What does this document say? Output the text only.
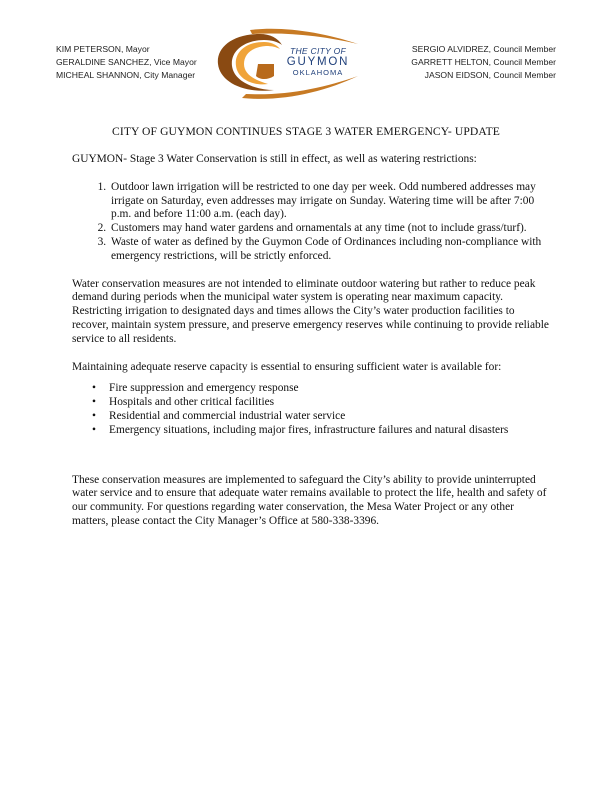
KIM PETERSON, Mayor
GERALDINE SANCHEZ, Vice Mayor
MICHEAL SHANNON, City Manager
THE CITY OF
GUYMON
OKLAHOMA
SERGIO ALVIDREZ, Council Member
GARRETT HELTON, Council Member
JASON EIDSON, Council Member
CITY OF GUYMON CONTINUES STAGE 3 WATER EMERGENCY- UPDATE

GUYMON- Stage 3 Water Conservation is still in effect, as well as watering restrictions:

1. Outdoor lawn irrigation will be restricted to one day per week. Odd numbered addresses may irrigate on Saturday, even addresses may irrigate on Sunday. Watering time will be after 7:00 p.m. and before 11:00 a.m. (each day).
2. Customers may hand water gardens and ornamentals at any time (not to include grass/turf).
3. Waste of water as defined by the Guymon Code of Ordinances including non-compliance with emergency restrictions, will be strictly enforced.

Water conservation measures are not intended to eliminate outdoor watering but rather to reduce peak demand during periods when the municipal water system is operating near maximum capacity. Restricting irrigation to designated days and times allows the City’s water production facilities to recover, maintain system pressure, and preserve emergency reserves while continuing to provide reliable service to all residents.

Maintaining adequate reserve capacity is essential to ensuring sufficient water is available for:

• Fire suppression and emergency response
• Hospitals and other critical facilities
• Residential and commercial industrial water service
• Emergency situations, including major fires, infrastructure failures and natural disasters

These conservation measures are implemented to safeguard the City’s ability to provide uninterrupted water service and to ensure that adequate water remains available to protect the life, health and safety of our community. For questions regarding water conservation, the Mesa Water Project or any other matters, please contact the City Manager’s Office at 580-338-3396.
